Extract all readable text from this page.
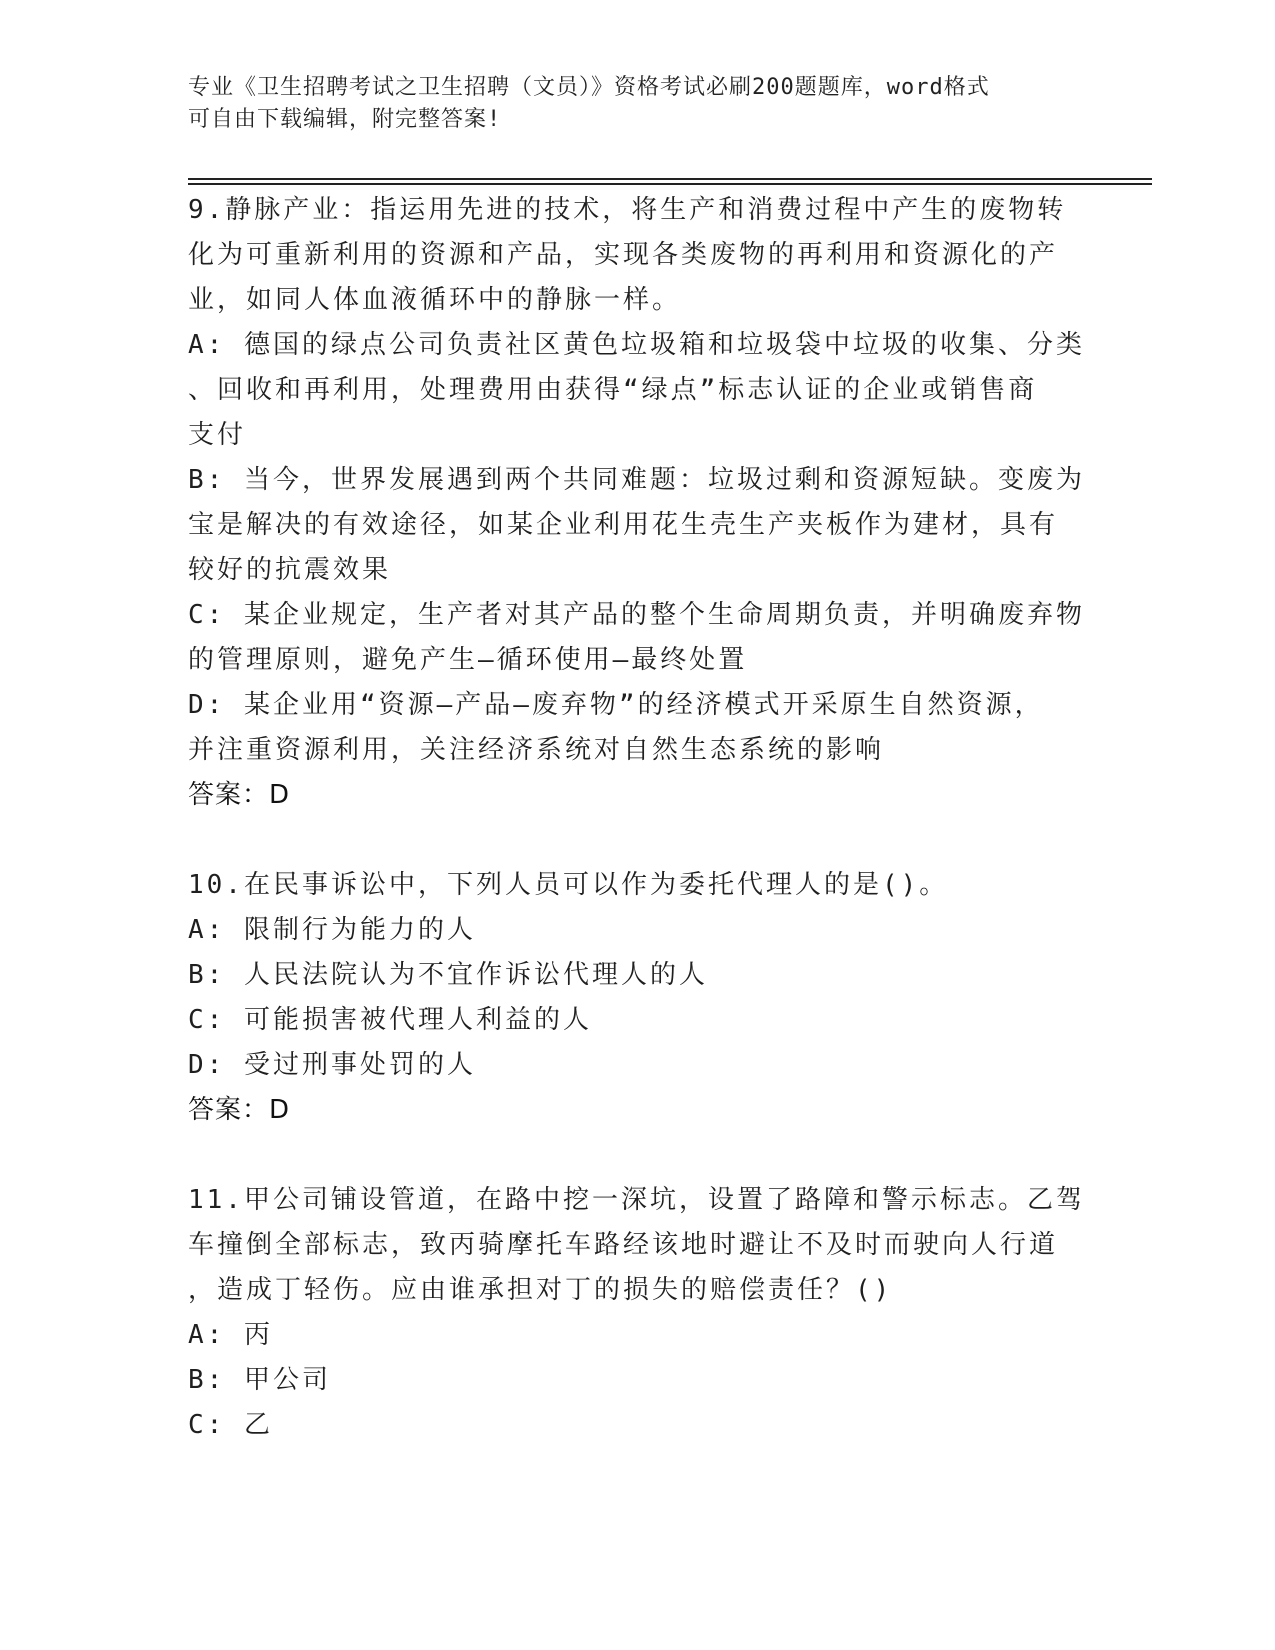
专业《卫生招聘考试之卫生招聘（文员）》资格考试必刷200题题库，word格式
可自由下载编辑，附完整答案!
9.静脉产业：指运用先进的技术，将生产和消费过程中产生的废物转
化为可重新利用的资源和产品，实现各类废物的再利用和资源化的产
业，如同人体血液循环中的静脉一样。
A: 德国的绿点公司负责社区黄色垃圾箱和垃圾袋中垃圾的收集、分类
、回收和再利用，处理费用由获得“绿点”标志认证的企业或销售商
支付
B: 当今，世界发展遇到两个共同难题：垃圾过剩和资源短缺。变废为
宝是解决的有效途径，如某企业利用花生壳生产夹板作为建材，具有
较好的抗震效果
C: 某企业规定，生产者对其产品的整个生命周期负责，并明确废弃物
的管理原则，避免产生—循环使用—最终处置
D: 某企业用“资源—产品—废弃物”的经济模式开采原生自然资源，
并注重资源利用，关注经济系统对自然生态系统的影响
答案：D
10.在民事诉讼中，下列人员可以作为委托代理人的是()。
A: 限制行为能力的人
B: 人民法院认为不宜作诉讼代理人的人
C: 可能损害被代理人利益的人
D: 受过刑事处罚的人
答案：D
11.甲公司铺设管道，在路中挖一深坑，设置了路障和警示标志。乙驾
车撞倒全部标志，致丙骑摩托车路经该地时避让不及时而驶向人行道
，造成丁轻伤。应由谁承担对丁的损失的赔偿责任？()
A: 丙
B: 甲公司
C: 乙
